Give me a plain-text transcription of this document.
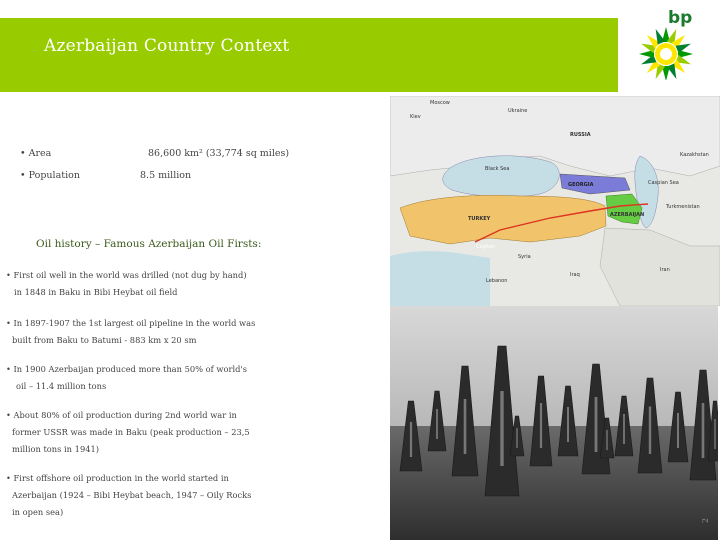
Azerbaijan Country Context
bp
• Area	86,600 km² (33,774 sq miles)
• Population	8.5 million
Oil history – Famous Azerbaijan Oil Firsts:
• First oil well in the world was drilled (not dug by hand)
in 1848 in Baku in Bibi Heybat oil field
• In 1897-1907 the 1st largest oil pipeline in the world was
built from Baku to Batumi - 883 km x 20 sm
• In 1900 Azerbaijan produced more than 50% of world's
oil – 11.4 million tons
• About 80% of oil production during 2nd world war in
former USSR was made in Baku (peak production – 23,5
million tons in 1941)
• First offshore oil production in the world started in
Azerbaijan (1924 – Bibi Heybat beach, 1947 – Oily Rocks
in open sea)
Moscow
Ukraine
Kiev
RUSSIA
Black Sea
GEORGIA	Caspian Sea
AZERBAIJAN
TURKEY
Ceyhan
Syria
Iraq
Iran
Lebanon
Kazakhstan
Turkmenistan
2
